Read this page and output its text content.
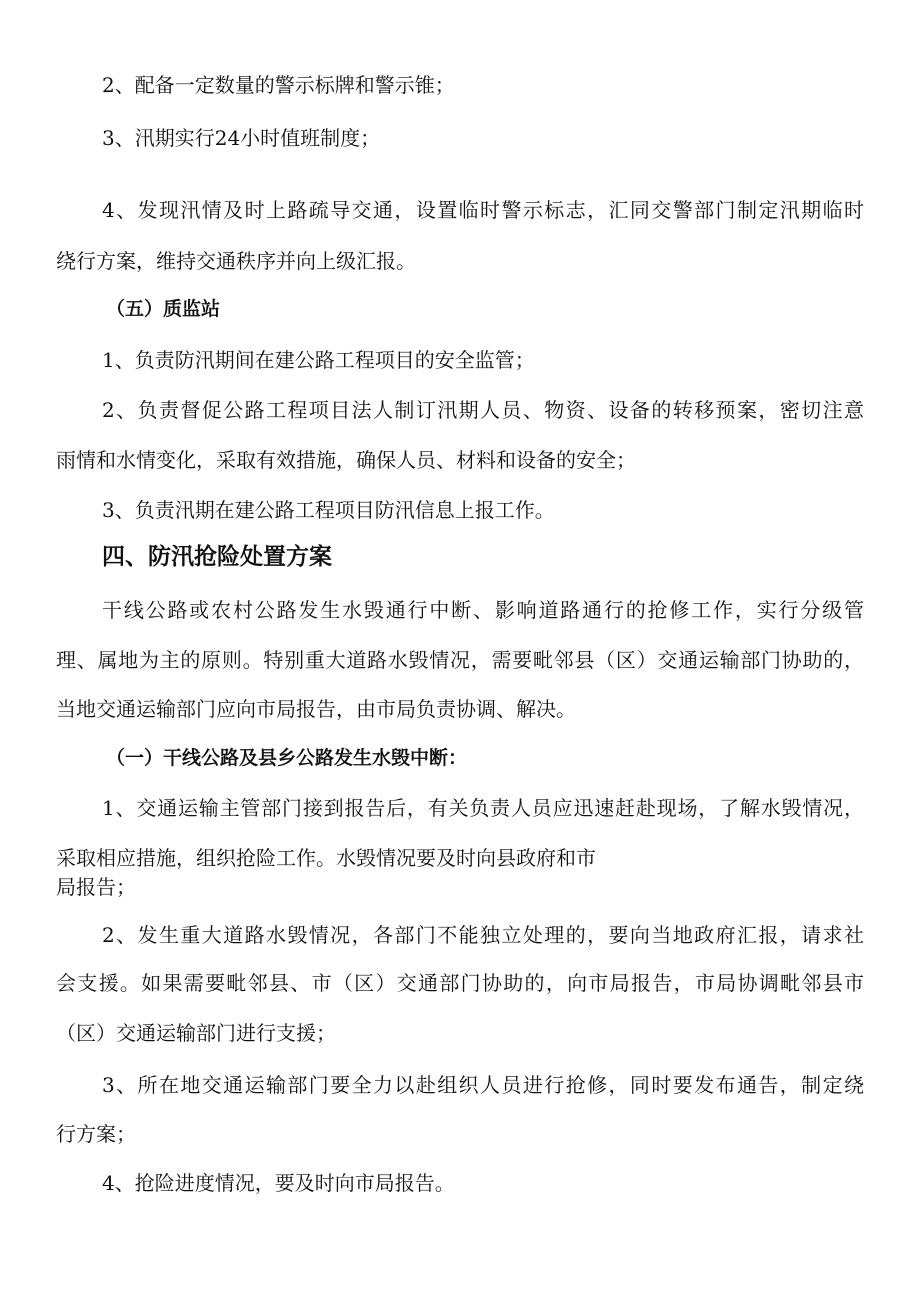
2、配备一定数量的警示标牌和警示锥；

3、汛期实行24小时值班制度；

4、发现汛情及时上路疏导交通，设置临时警示标志，汇同交警部门制定汛期临时

绕行方案，维持交通秩序并向上级汇报。

（五）质监站

1、负责防汛期间在建公路工程项目的安全监管；

2、负责督促公路工程项目法人制订汛期人员、物资、设备的转移预案，密切注意

雨情和水情变化，采取有效措施，确保人员、材料和设备的安全；

3、负责汛期在建公路工程项目防汛信息上报工作。

四、防汛抢险处置方案

干线公路或农村公路发生水毁通行中断、影响道路通行的抢修工作，实行分级管

理、属地为主的原则。特别重大道路水毁情况，需要毗邻县（区）交通运输部门协助的，

当地交通运输部门应向市局报告，由市局负责协调、解决。

（一）干线公路及县乡公路发生水毁中断：

1、交通运输主管部门接到报告后，有关负责人员应迅速赶赴现场，了解水毁情况，

采取相应措施，组织抢险工作。水毁情况要及时向县政府和市

局报告；

2、发生重大道路水毁情况，各部门不能独立处理的，要向当地政府汇报，请求社

会支援。如果需要毗邻县、市（区）交通部门协助的，向市局报告，市局协调毗邻县市

（区）交通运输部门进行支援；

3、所在地交通运输部门要全力以赴组织人员进行抢修，同时要发布通告，制定绕

行方案；

4、抢险进度情况，要及时向市局报告。
